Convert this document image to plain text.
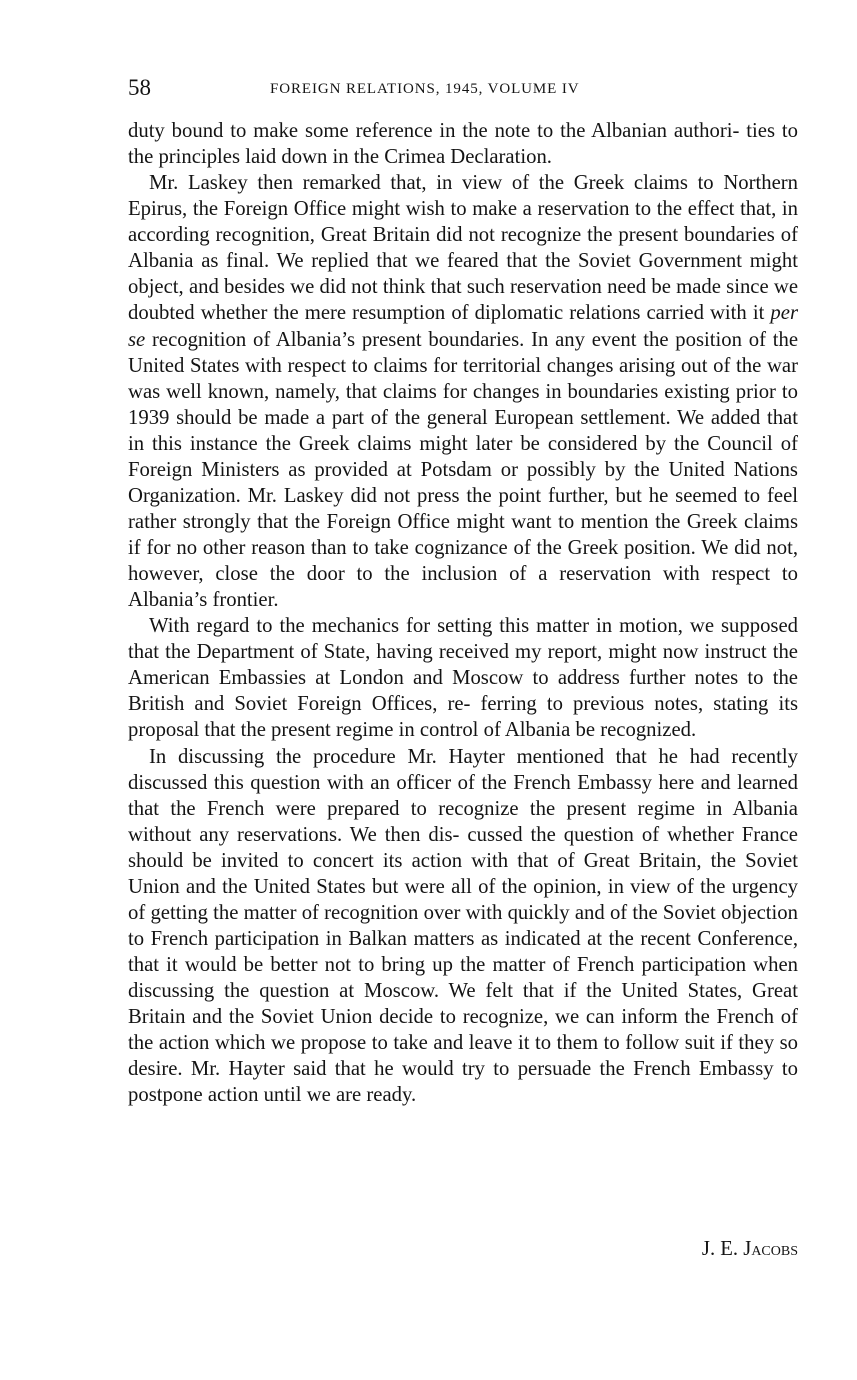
58	FOREIGN RELATIONS, 1945, VOLUME IV

duty bound to make some reference in the note to the Albanian authori- ties to the principles laid down in the Crimea Declaration.

Mr. Laskey then remarked that, in view of the Greek claims to Northern Epirus, the Foreign Office might wish to make a reservation to the effect that, in according recognition, Great Britain did not recognize the present boundaries of Albania as final. We replied that we feared that the Soviet Government might object, and besides we did not think that such reservation need be made since we doubted whether the mere resumption of diplomatic relations carried with it per se recognition of Albania’s present boundaries. In any event the position of the United States with respect to claims for territorial changes arising out of the war was well known, namely, that claims for changes in boundaries existing prior to 1939 should be made a part of the general European settlement. We added that in this instance the Greek claims might later be considered by the Council of Foreign Ministers as provided at Potsdam or possibly by the United Nations Organization. Mr. Laskey did not press the point further, but he seemed to feel rather strongly that the Foreign Office might want to mention the Greek claims if for no other reason than to take cognizance of the Greek position. We did not, however, close the door to the inclusion of a reservation with respect to Albania’s frontier.

With regard to the mechanics for setting this matter in motion, we supposed that the Department of State, having received my report, might now instruct the American Embassies at London and Moscow to address further notes to the British and Soviet Foreign Offices, re- ferring to previous notes, stating its proposal that the present regime in control of Albania be recognized.

In discussing the procedure Mr. Hayter mentioned that he had recently discussed this question with an officer of the French Embassy here and learned that the French were prepared to recognize the present regime in Albania without any reservations. We then dis- cussed the question of whether France should be invited to concert its action with that of Great Britain, the Soviet Union and the United States but were all of the opinion, in view of the urgency of getting the matter of recognition over with quickly and of the Soviet objection to French participation in Balkan matters as indicated at the recent Conference, that it would be better not to bring up the matter of French participation when discussing the question at Moscow. We felt that if the United States, Great Britain and the Soviet Union decide to recognize, we can inform the French of the action which we propose to take and leave it to them to follow suit if they so desire. Mr. Hayter said that he would try to persuade the French Embassy to postpone action until we are ready.

J. E. Jacobs
